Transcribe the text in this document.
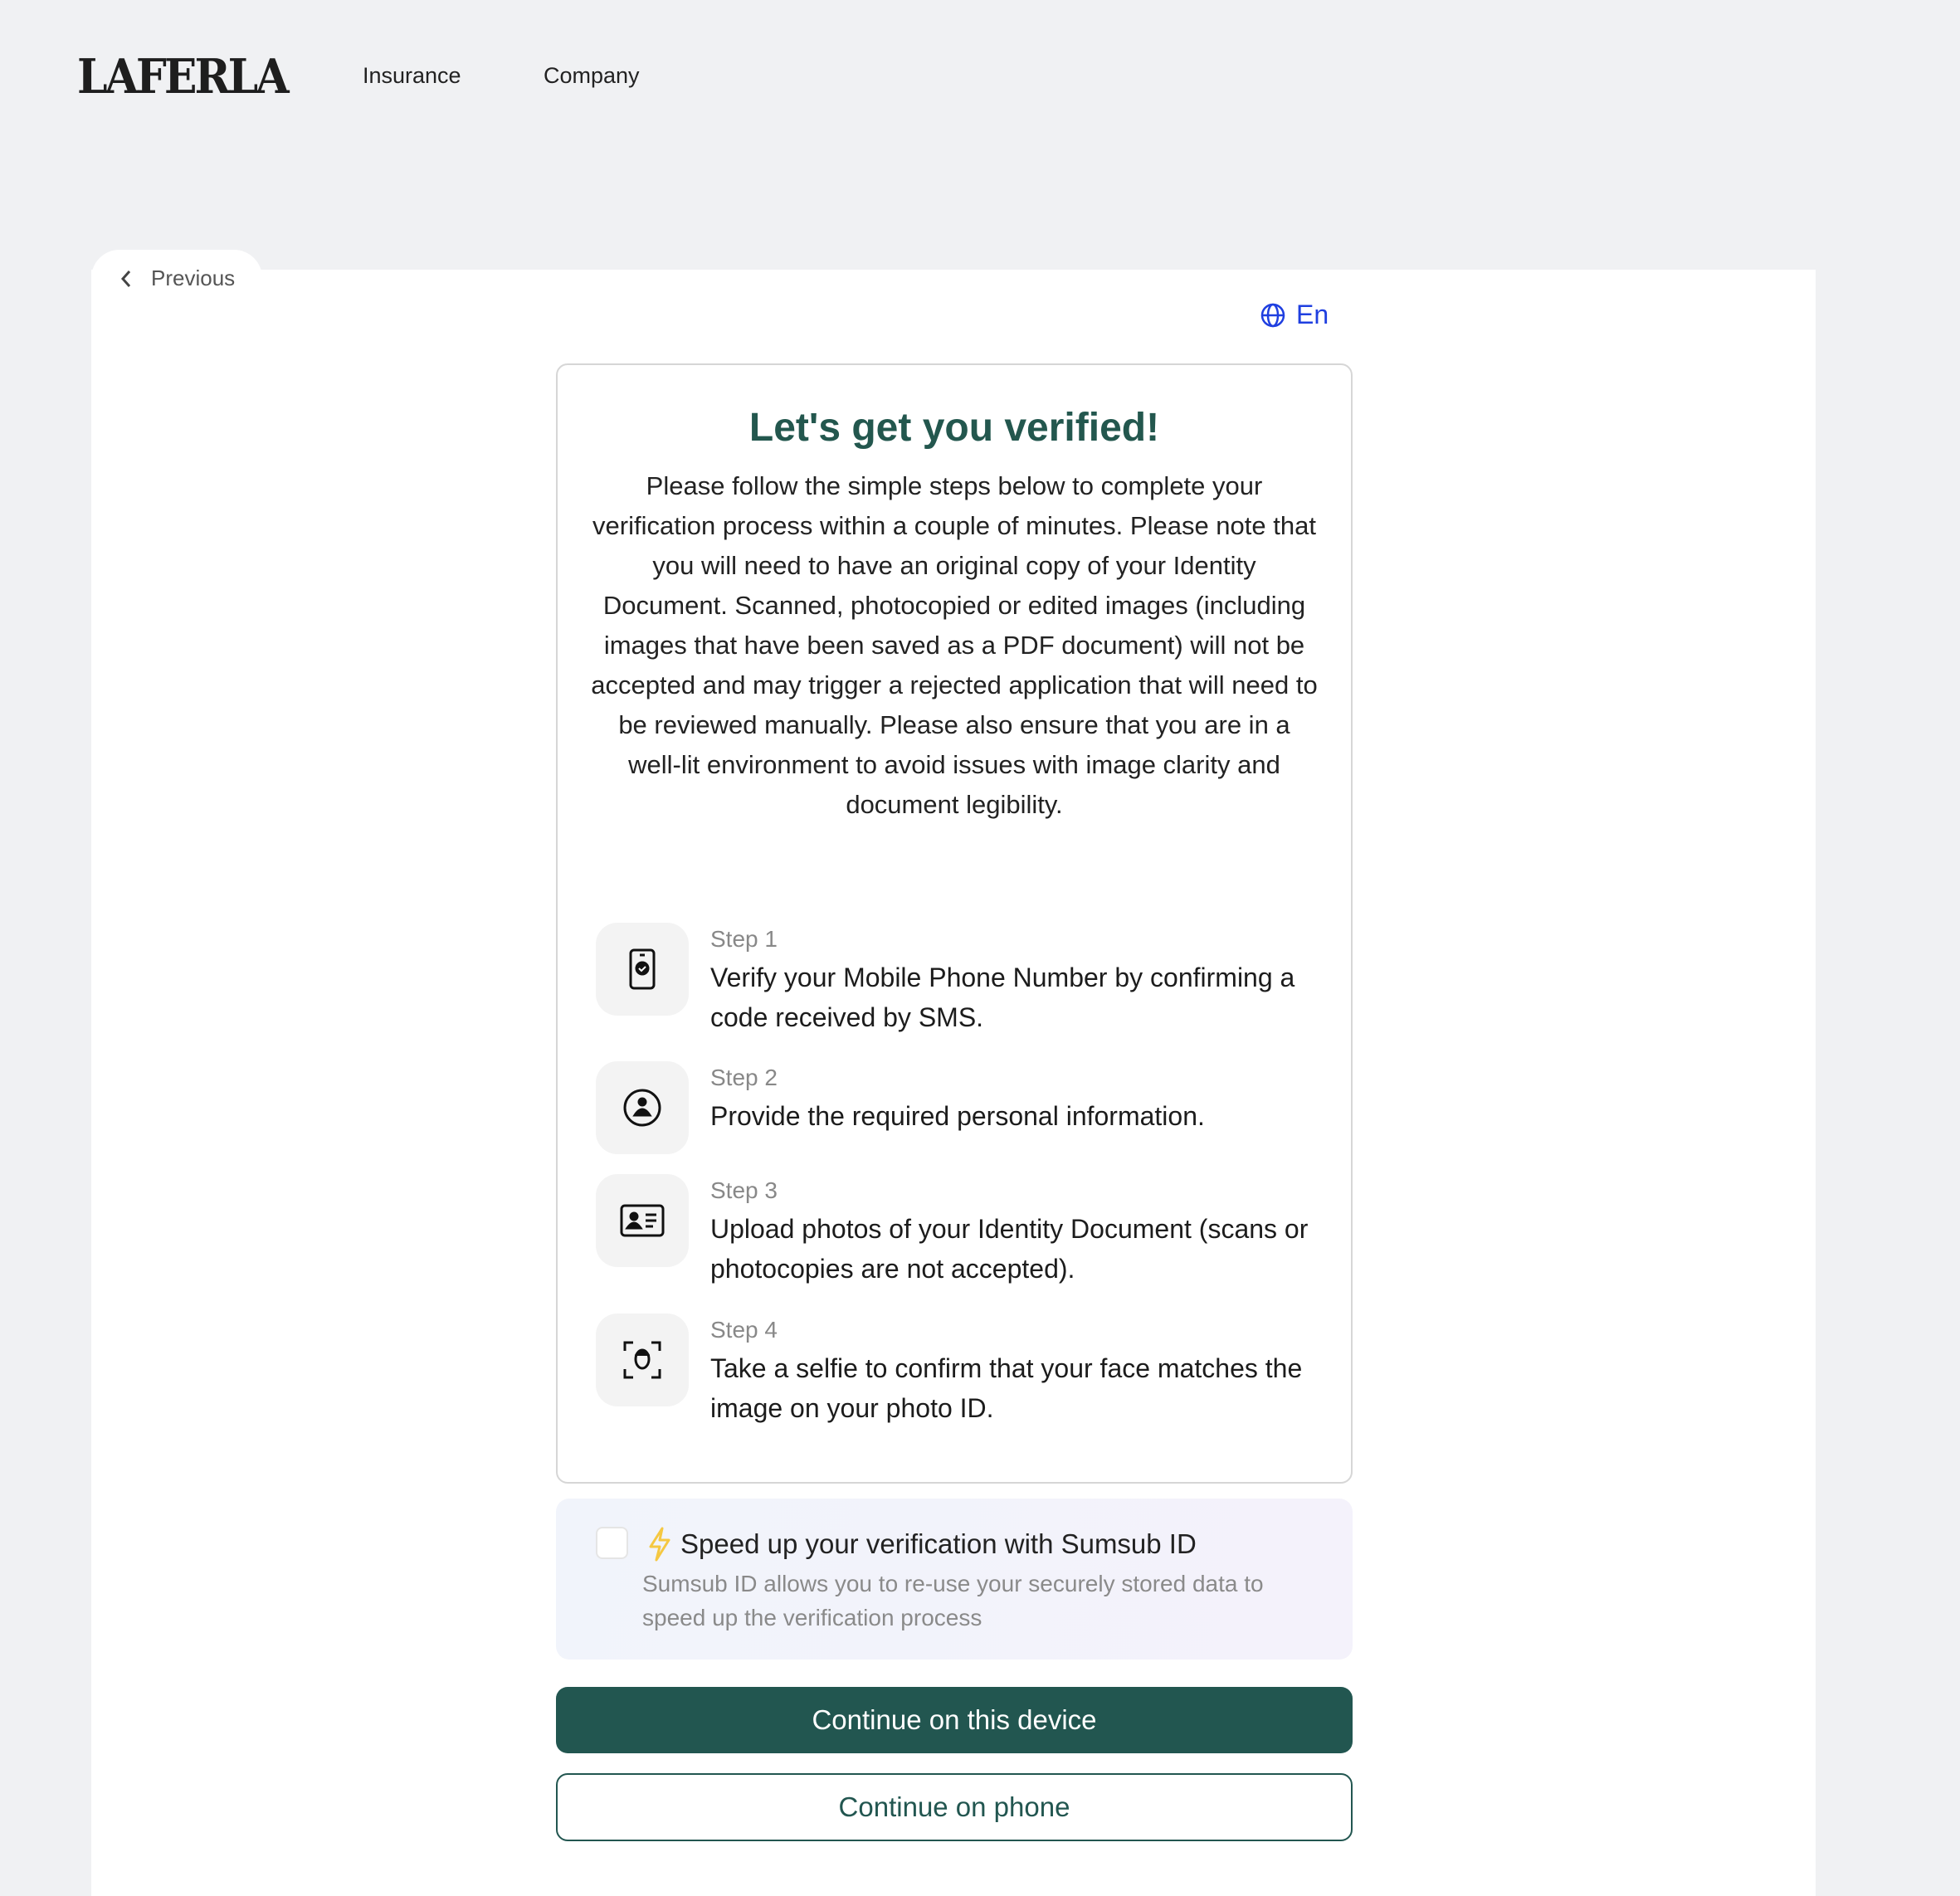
LAFERLA	Insurance	Company
Previous
En
Let's get you verified!
Please follow the simple steps below to complete your verification process within a couple of minutes. Please note that you will need to have an original copy of your Identity Document. Scanned, photocopied or edited images (including images that have been saved as a PDF document) will not be accepted and may trigger a rejected application that will need to be reviewed manually. Please also ensure that you are in a well-lit environment to avoid issues with image clarity and document legibility.
Step 1
Verify your Mobile Phone Number by confirming a code received by SMS.
Step 2
Provide the required personal information.
Step 3
Upload photos of your Identity Document (scans or photocopies are not accepted).
Step 4
Take a selfie to confirm that your face matches the image on your photo ID.
Speed up your verification with Sumsub ID
Sumsub ID allows you to re-use your securely stored data to speed up the verification process
Continue on this device
Continue on phone
